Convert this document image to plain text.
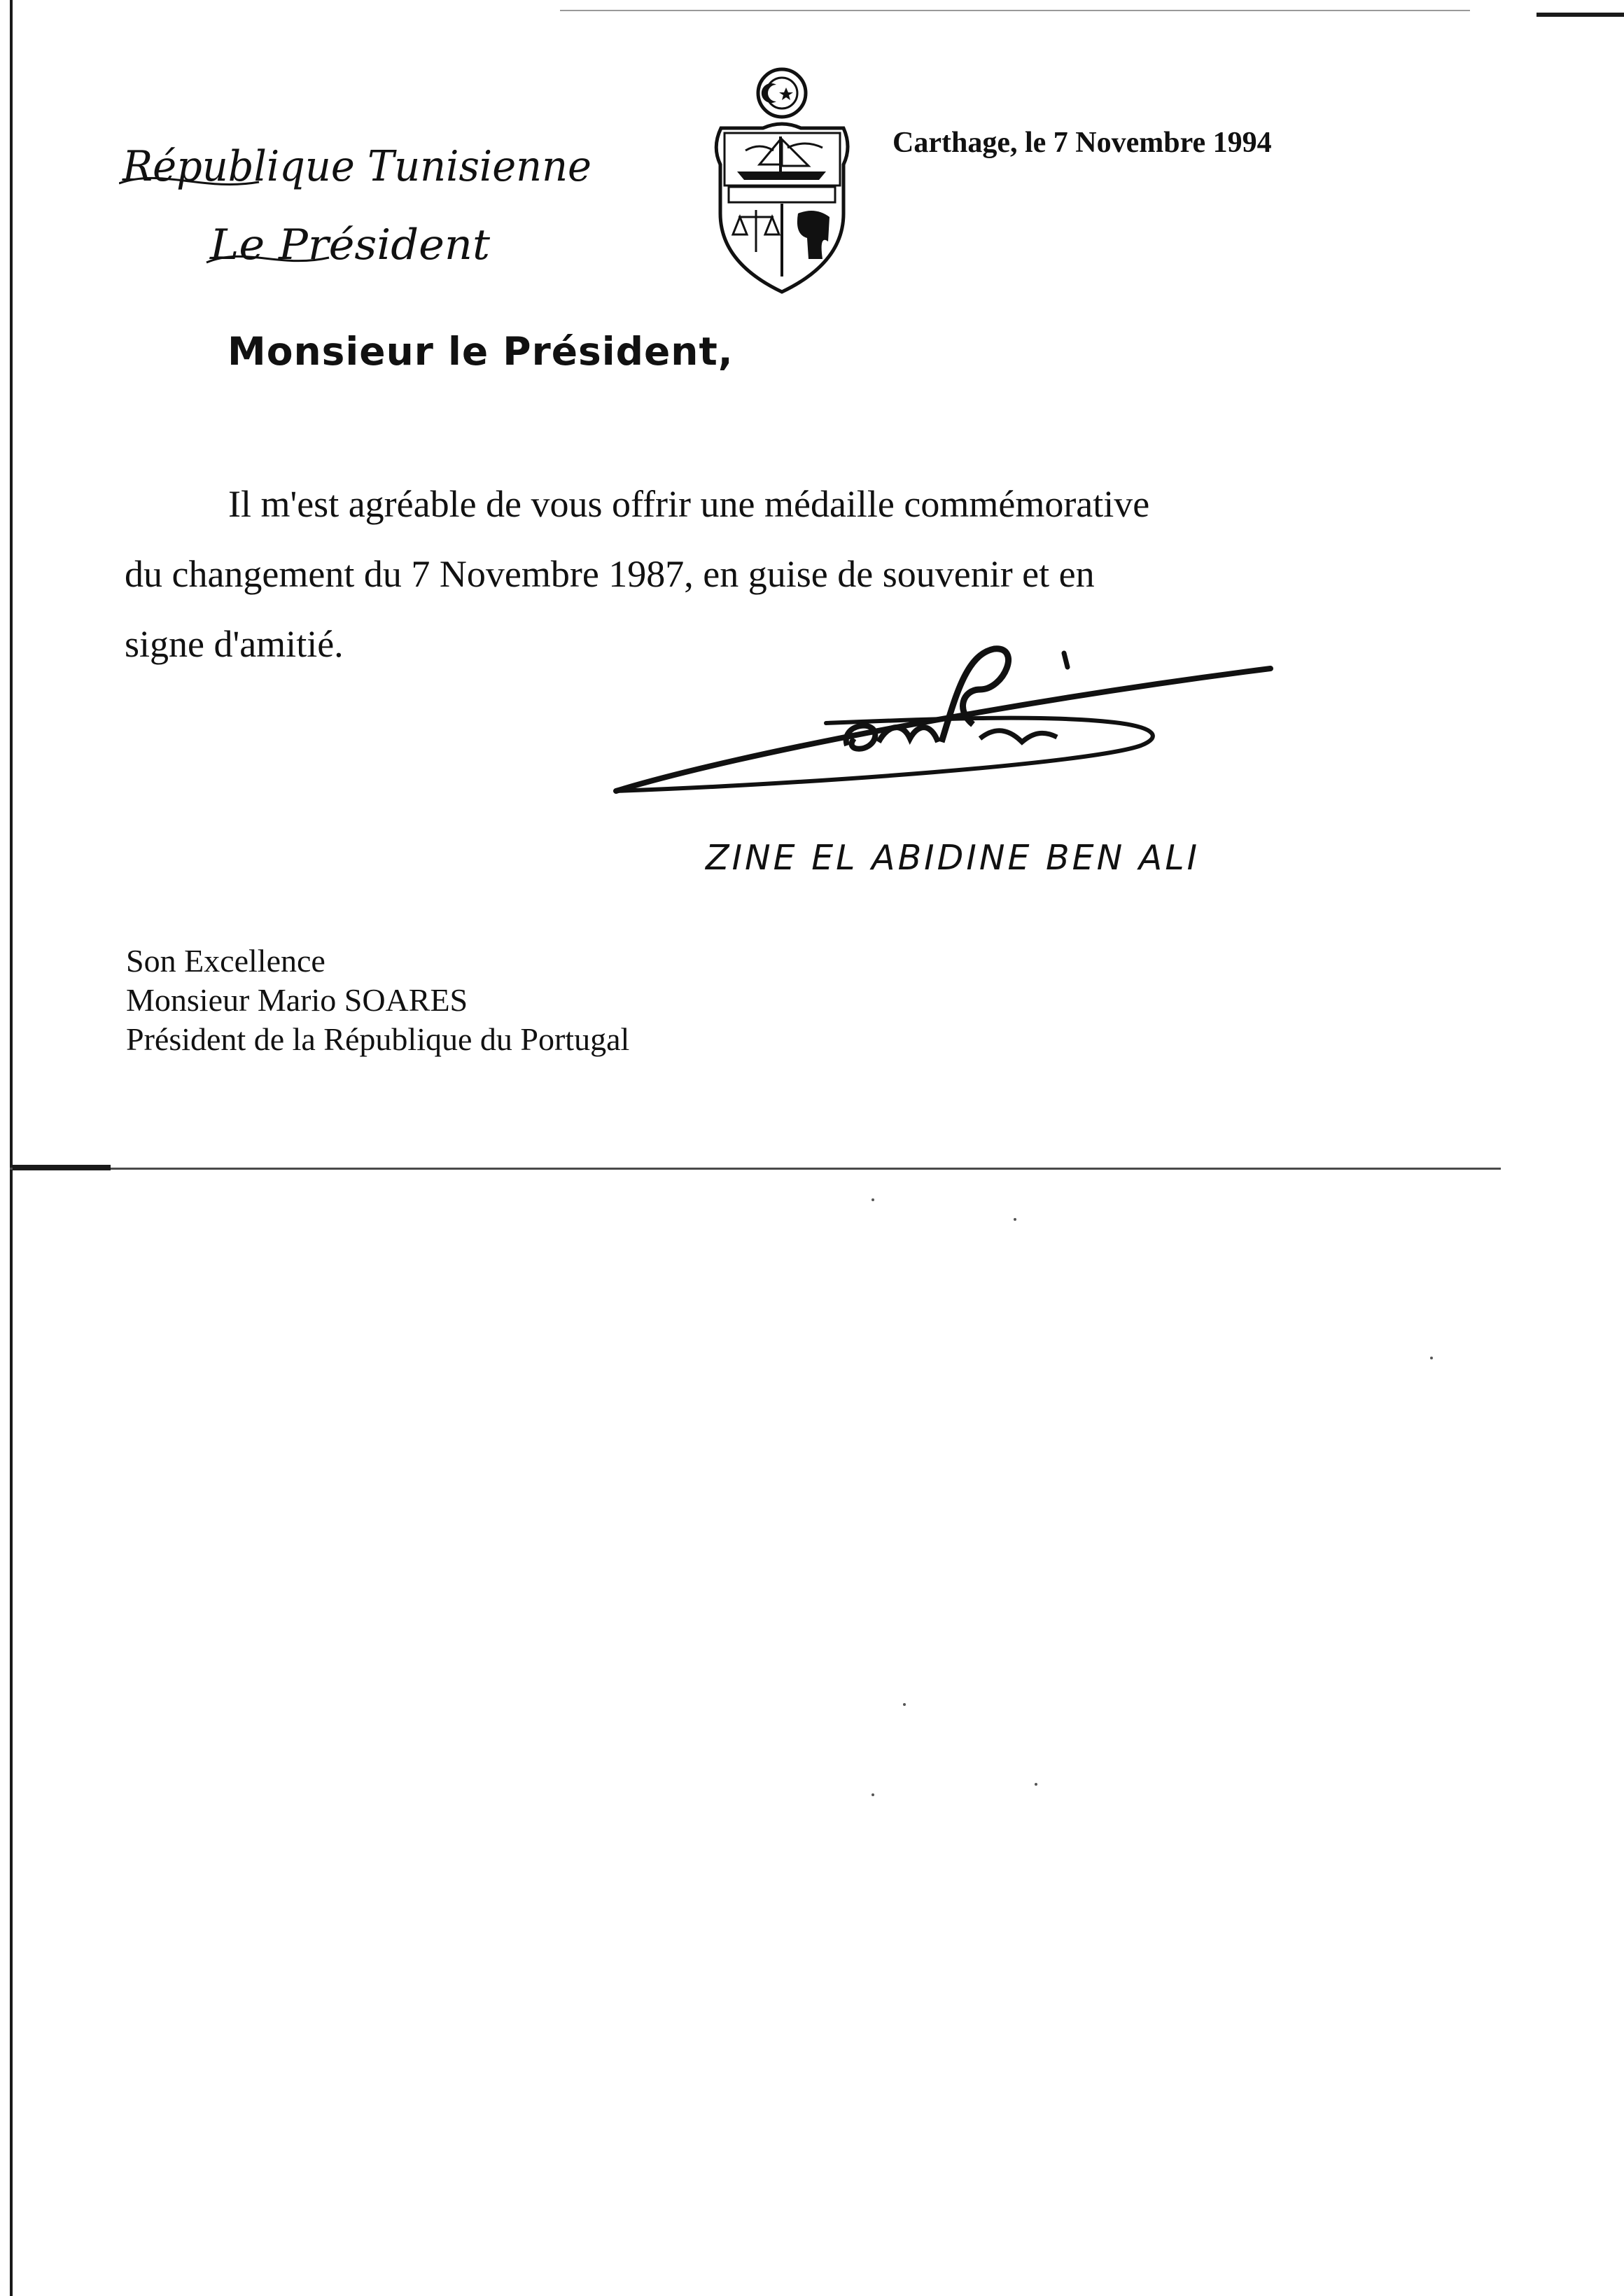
République Tunisienne
Le Président
Carthage, le 7 Novembre 1994
Monsieur le Président,
Il m'est agréable de vous offrir une médaille commémorative
du changement du 7 Novembre 1987, en guise de souvenir et en
signe d'amitié.
ZINE EL ABIDINE BEN ALI
Son Excellence
Monsieur Mario SOARES
Président de la République du Portugal
